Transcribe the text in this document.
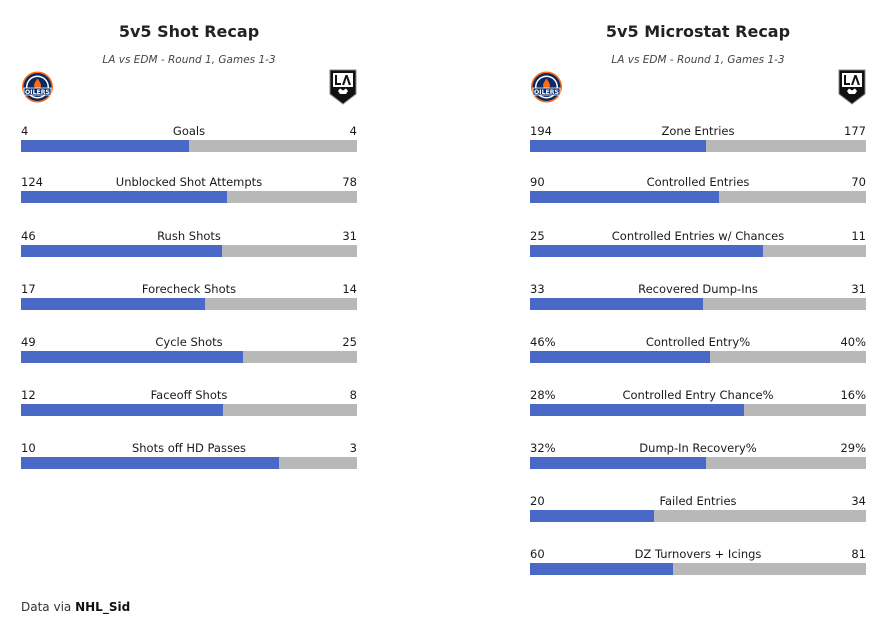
5v5 Shot Recap
LA vs EDM - Round 1, Games 1-3
OILERS
4	Goals	4
124	Unblocked Shot Attempts	78
46	Rush Shots	31
17	Forecheck Shots	14
49	Cycle Shots	25
12	Faceoff Shots	8
10	Shots off HD Passes	3
5v5 Microstat Recap
LA vs EDM - Round 1, Games 1-3
OILERS
194	Zone Entries	177
90	Controlled Entries	70
25	Controlled Entries w/ Chances	11
33	Recovered Dump-Ins	31
46%	Controlled Entry%	40%
28%	Controlled Entry Chance%	16%
32%	Dump-In Recovery%	29%
20	Failed Entries	34
60	DZ Turnovers + Icings	81
Data via NHL_Sid
